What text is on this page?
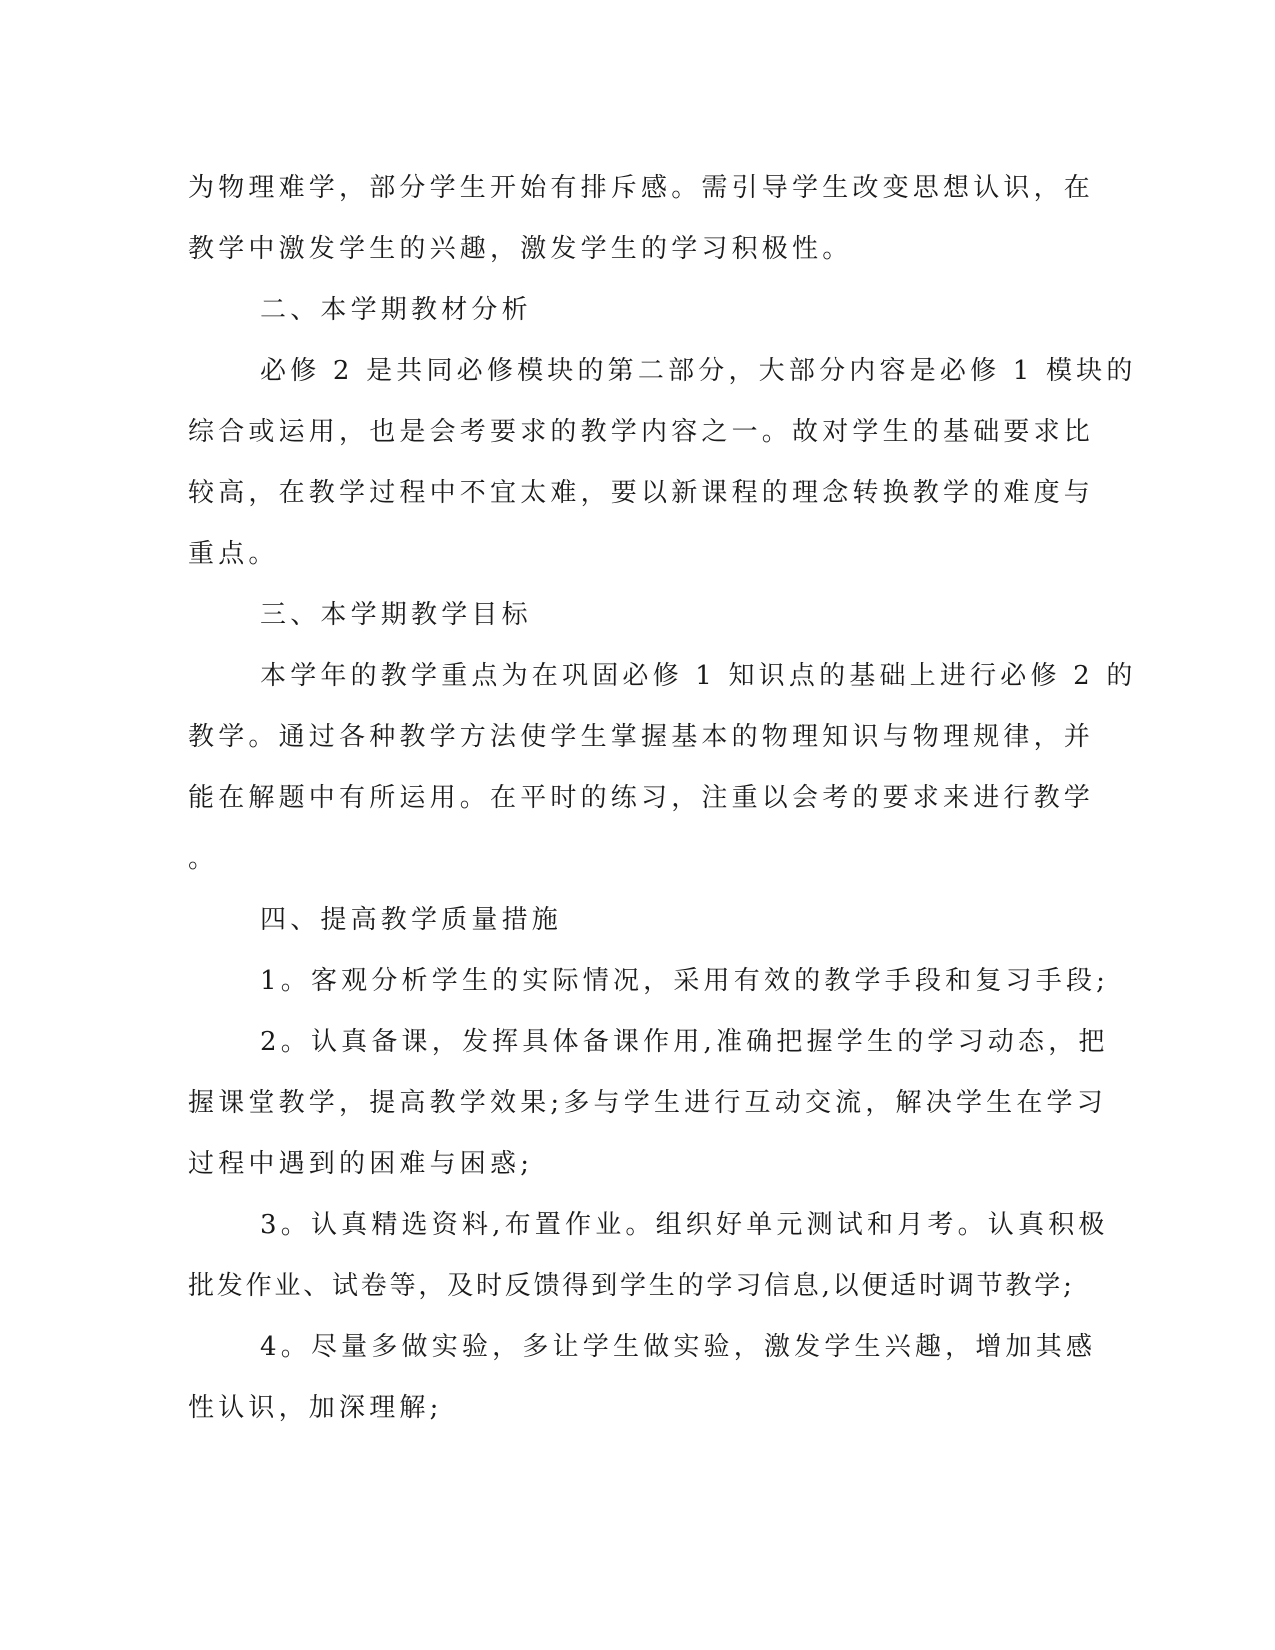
为物理难学，部分学生开始有排斥感。需引导学生改变思想认识，在
教学中激发学生的兴趣，激发学生的学习积极性。
二、本学期教材分析
必修 2 是共同必修模块的第二部分，大部分内容是必修 1 模块的
综合或运用，也是会考要求的教学内容之一。故对学生的基础要求比
较高，在教学过程中不宜太难，要以新课程的理念转换教学的难度与
重点。
三、本学期教学目标
本学年的教学重点为在巩固必修 1 知识点的基础上进行必修 2 的
教学。通过各种教学方法使学生掌握基本的物理知识与物理规律，并
能在解题中有所运用。在平时的练习，注重以会考的要求来进行教学
。
四、提高教学质量措施
1。客观分析学生的实际情况，采用有效的教学手段和复习手段;
2。认真备课，发挥具体备课作用,准确把握学生的学习动态，把
握课堂教学，提高教学效果;多与学生进行互动交流，解决学生在学习
过程中遇到的困难与困惑;
3。认真精选资料,布置作业。组织好单元测试和月考。认真积极
批发作业、试卷等，及时反馈得到学生的学习信息,以便适时调节教学;
4。尽量多做实验，多让学生做实验，激发学生兴趣，增加其感
性认识，加深理解;
